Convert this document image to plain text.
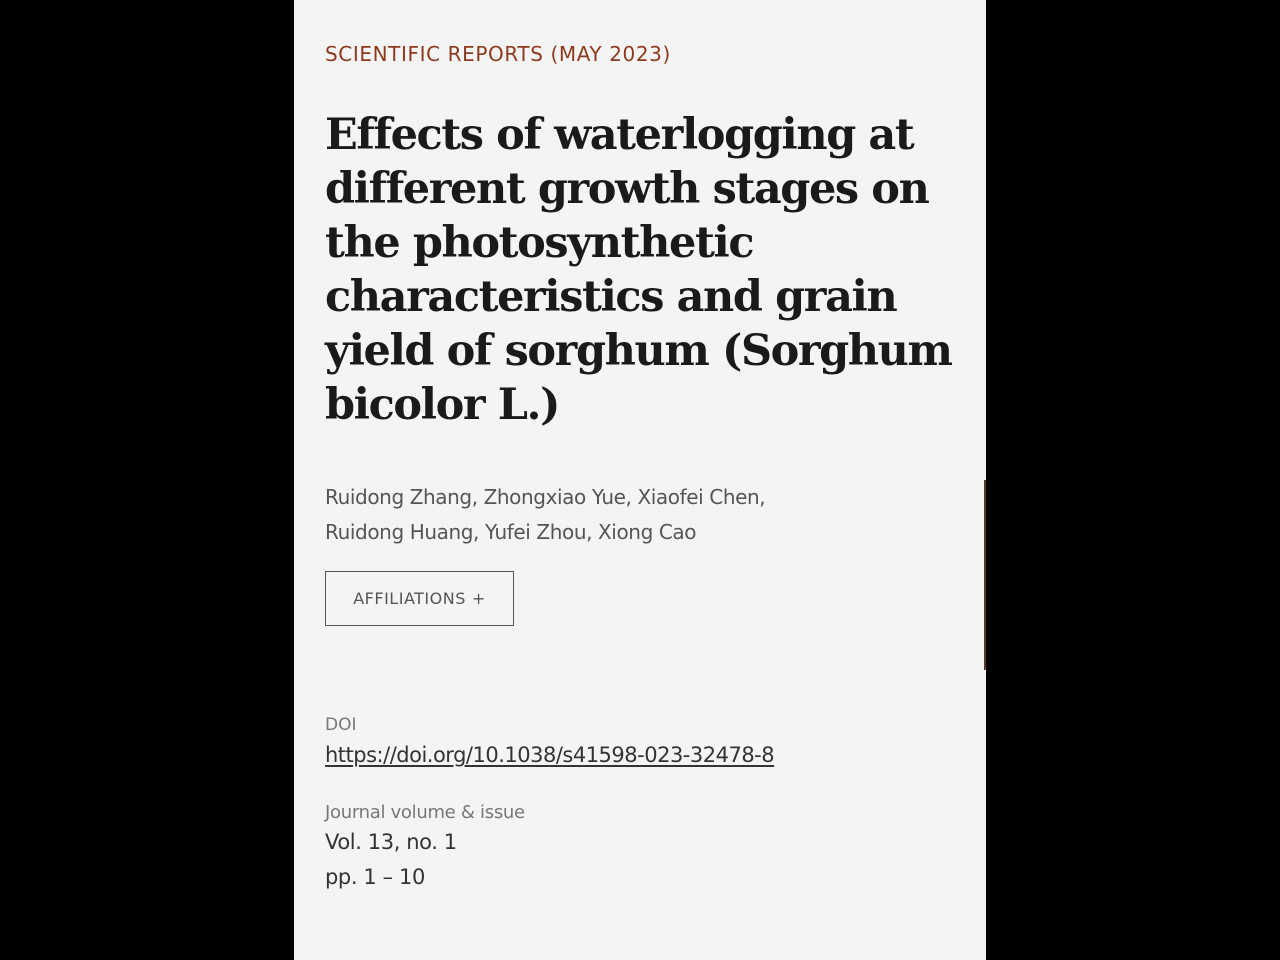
SCIENTIFIC REPORTS (MAY 2023)
Effects of waterlogging at different growth stages on the photosynthetic characteristics and grain yield of sorghum (Sorghum bicolor L.)
Ruidong Zhang, Zhongxiao Yue, Xiaofei Chen,
Ruidong Huang, Yufei Zhou, Xiong Cao
AFFILIATIONS +
DOI
https://doi.org/10.1038/s41598-023-32478-8
Journal volume & issue
Vol. 13, no. 1
pp. 1 – 10
